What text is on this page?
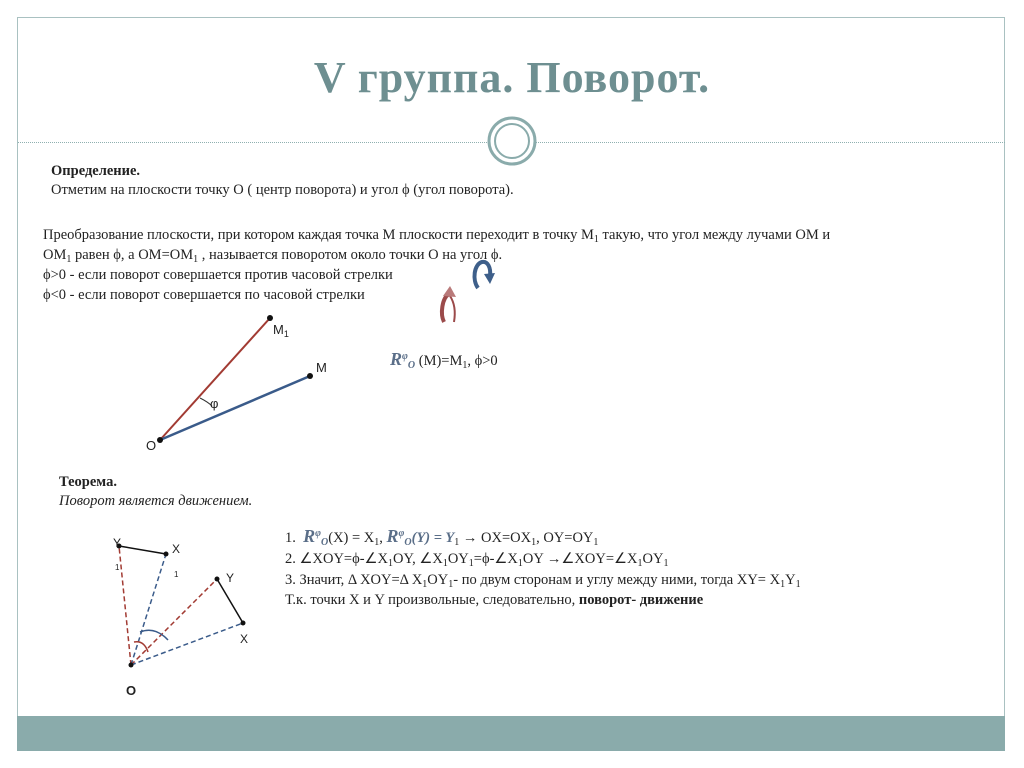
V группа. Поворот.
Определение.
Отметим на плоскости точку О ( центр поворота) и угол ϕ (угол поворота).
Преобразование плоскости, при котором каждая точка М плоскости переходит в точку $М_1$ такую, что угол между лучами ОМ и
$ОМ_1$ равен ϕ, а $ОМ=ОМ_1$ , называется поворотом около точки О на угол ϕ.
ϕ>0 - если поворот совершается против часовой стрелки
ϕ<0 - если поворот совершается по часовой стрелки
$M_1$
M
O
φ
$R^\varphi_O$ $(M)=M_1$, ϕ>0
Теорема.
Поворот является движением.
Y
1
X
1	Y
X
O
1. $R^\varphi_O(X) = X_1$, $R^\varphi_O(Y) = Y_1 \to OX=OX_1$, $OY=OY_1$
2. $\angle XOY=\phi-\angle X_1OY$, $\angle X_1OY_1=\phi-\angle X_1OY$ $\to\angle XOY=\angle X_1OY_1$
3. Значит, Δ XOY=Δ $X_1OY_1-$ по двум сторонам и углу между ними, тогда $XY= X_1Y_1$
Т.к. точки X и Y произвольные, следовательно, поворот- движение
